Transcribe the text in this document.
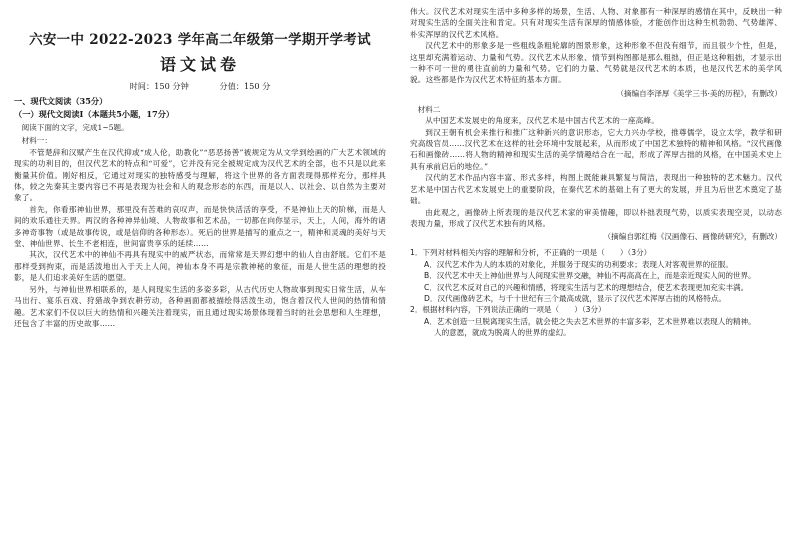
六安一中 2022-2023 学年高二年级第一学期开学考试
语文试卷
时间：150 分钟	分值：150 分
一、现代文阅读（35分）
（一）现代文阅读Ⅰ（本题共5小题，17分）
阅读下面的文字，完成1~5题。
材料一：

不管楚辞和汉赋产生在汉代抑或“成人伦，助教化”“恶恶扬善”被规定为从文学到绘画的广大艺术领域的现实的功利目的，但汉代艺术的特点和“可爱”，它并没有完全被规定成为汉代艺术的全部，也不只是以此来衡量其价值。刚好相反，它通过对现实的独特感受与理解，将这个世界的各方面表现得那样充分，那样具体，较之先秦其主要内容已不再是表现为社会和人的观念形态的东西，而是以人、以社会、以自然为主要对象了。

首先，你看那神仙世界，那里没有苦难的哀叹声，而是快快活活的享受，不是神仙上天的阶梯，而是人间的欢乐通往天界。两汉的各种神异仙境、人物故事和艺术品，一切都在向你显示，天上，人间，海外的诸多神奇事物（或是故事传说，或是信仰的各种形态）。死后的世界是描写的重点之一，精神和灵魂的美好与天堂、神仙世界、长生不老相连，世间富贵享乐的延续……

其次，汉代艺术中的神仙不再具有现实中的威严状态，而常常是天界幻想中的仙人自由舒展。它们不是那样受到拘束，而是活泼地出入于天上人间，神仙本身不再是宗教神秘的象征，而是人世生活的理想的投影，是人们追求美好生活的愿望。

另外，与神仙世界相联系的，是人间现实生活的多姿多彩，从古代历史人物故事到现实日常生活，从车马出行、宴乐百戏、狩猎战争到农耕劳动，各种画面都被描绘得活泼生动，饱含着汉代人世间的热情和情趣。艺术家们不仅以巨大的热情和兴趣关注着现实，而且通过现实场景体现着当时的社会思想和人生理想，还包含了丰富的历史故事……

伟大。汉代艺术对现实生活中多种多样的场景，生活、人物、对象都有一种深厚的感情在其中，反映出一种对现实生活的全面关注和肯定。只有对现实生活有深厚的情感体验，才能创作出这种生机勃勃、气势雄浑、朴实浑厚的汉代艺术风格。

汉代艺术中的形象多是一些粗线条粗轮廓的图景形象，这种形象不但没有细节，而且很少个性，但是，这里却充满着运动、力量和气势。汉代艺术从形象、情节到构图都是那么粗拙，但正是这种粗拙，才显示出一种不可一世的勇往直前的力量和气势。它们的力量、气势就是汉代艺术的本质，也是汉代艺术的美学风貌。这些都是作为汉代艺术特征的基本方面。

（摘编自李泽厚《美学三书·美的历程》，有删改）
材料二

从中国艺术发展史的角度来，汉代艺术是中国古代艺术的一座高峰。

到汉王朝有机会来推行和推广这种新兴的意识形态，它大力兴办学校，推尊儒学，设立太学，教学和研究高级官员……汉代艺术在这样的社会环境中发展起来，从而形成了中国艺术独特的精神和风格。“汉代画像石和画像砖……将人物的精神和现实生活的美学情趣结合在一起，形成了浑厚古拙的风格，在中国美术史上具有承前启后的地位。”

汉代的艺术作品内容丰富、形式多样，构图上既能兼具繁复与简洁，表现出一种独特的艺术魅力。汉代艺术是中国古代艺术发展史上的重要阶段，在秦代艺术的基础上有了更大的发展，并且为后世艺术奠定了基础。

由此观之，画像砖上所表现的是汉代艺术家的审美情趣，即以朴拙表现气势，以质实表现空灵，以动态表现力量，形成了汉代艺术独有的风格。

（摘编自郭红梅《汉画像石、画像砖研究》，有删改）

1．下列对材料相关内容的理解和分析，不正确的一项是（　　）（3分）

A．汉代艺术作为人的本质的对象化，并服务于现实的功利要求；表现人对客观世界的征服。

B．汉代艺术中天上神仙世界与人间现实世界交融，神仙不再高高在上，而是亲近现实人间的世界。

C．汉代艺术反对自己的兴趣和情感，将现实生活与艺术的理想结合，使艺术表现更加充实丰满。

D．汉代画像砖艺术，与千十世纪有三个最高成就，显示了汉代艺术浑厚古拙的风格特点。

2．根据材料内容，下列说法正确的一项是（　　）（3分）

A．艺术创造一旦脱离现实生活，就会使之失去艺术世界的丰富多彩，艺术世界难以表现人的精神。

人的意愿，就成为脱离人的世界的虚幻。
